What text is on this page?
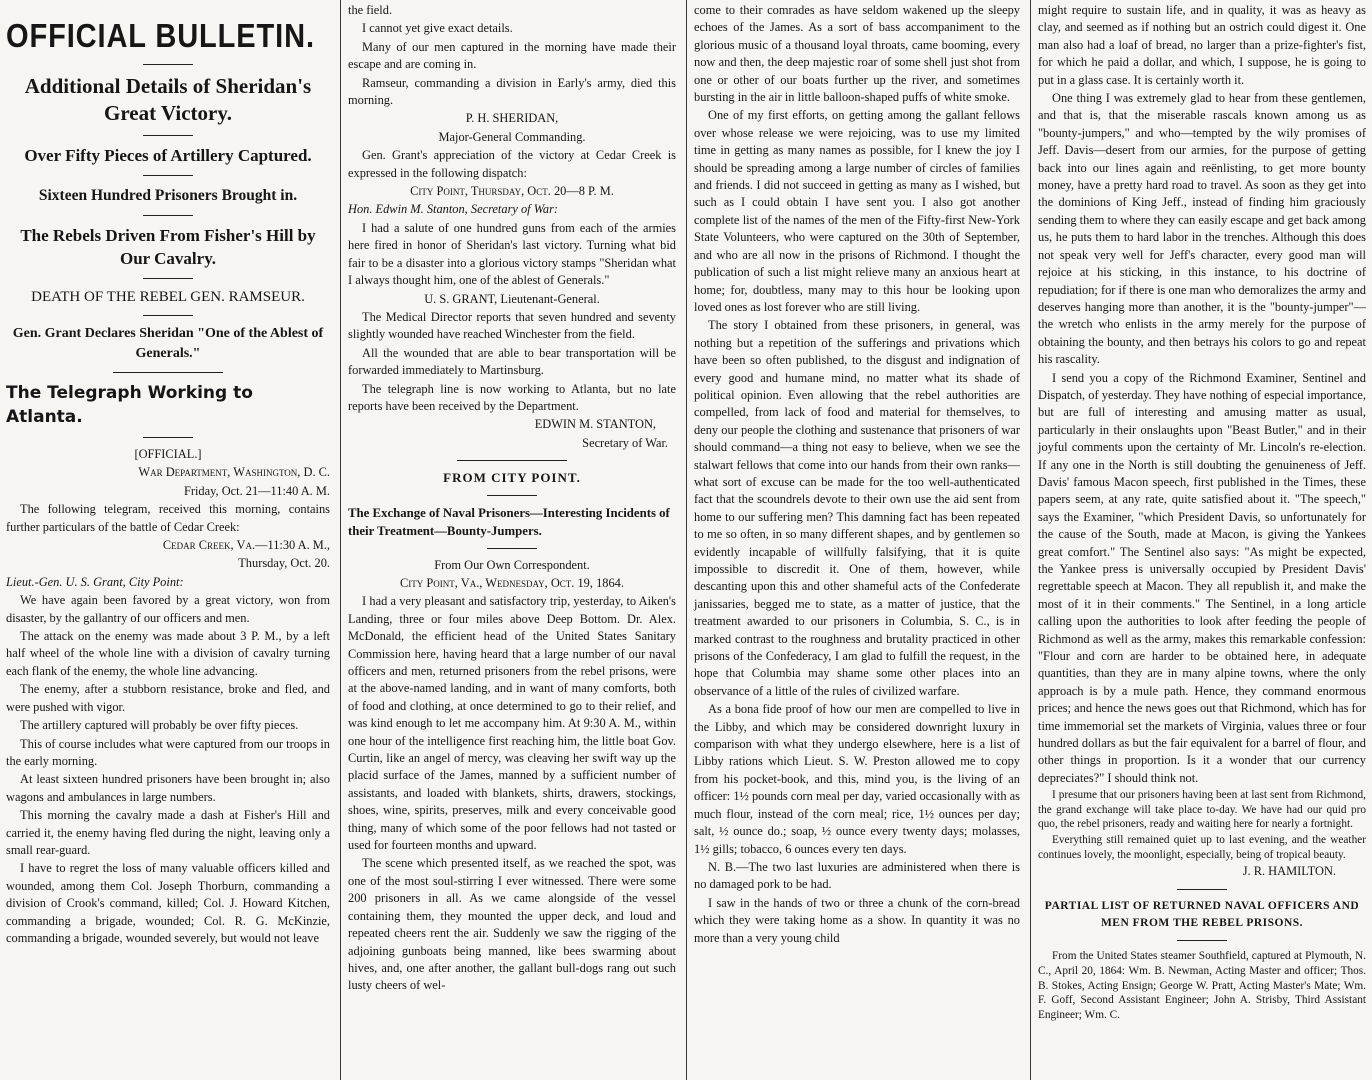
OFFICIAL BULLETIN.

Additional Details of Sheridan's Great Victory.

Over Fifty Pieces of Artillery Captured.

Sixteen Hundred Prisoners Brought in.

The Rebels Driven From Fisher's Hill by Our Cavalry.

DEATH OF THE REBEL GEN. RAMSEUR.

Gen. Grant Declares Sheridan "One of the Ablest of Generals."

The Telegraph Working to Atlanta.

[OFFICIAL.]

War Department, Washington, D. C.

Friday, Oct. 21—11:40 A. M.

The following telegram, received this morning, contains further particulars of the battle of Cedar Creek:

Cedar Creek, Va.—11:30 A. M.,

Thursday, Oct. 20.

Lieut.-Gen. U. S. Grant, City Point:

We have again been favored by a great victory, won from disaster, by the gallantry of our officers and men.

The attack on the enemy was made about 3 P. M., by a left half wheel of the whole line with a division of cavalry turning each flank of the enemy, the whole line advancing.

The enemy, after a stubborn resistance, broke and fled, and were pushed with vigor.

The artillery captured will probably be over fifty pieces.

This of course includes what were captured from our troops in the early morning.

At least sixteen hundred prisoners have been brought in; also wagons and ambulances in large numbers.

This morning the cavalry made a dash at Fisher's Hill and carried it, the enemy having fled during the night, leaving only a small rear-guard.

I have to regret the loss of many valuable officers killed and wounded, among them Col. Joseph Thorburn, commanding a division of Crook's command, killed; Col. J. Howard Kitchen, commanding a brigade, wounded; Col. R. G. McKinzie, commanding a brigade, wounded severely, but would not leave

the field.

I cannot yet give exact details.

Many of our men captured in the morning have made their escape and are coming in.

Ramseur, commanding a division in Early's army, died this morning.

P. H. SHERIDAN,

Major-General Commanding.

Gen. Grant's appreciation of the victory at Cedar Creek is expressed in the following dispatch:

City Point, Thursday, Oct. 20—8 P. M.

Hon. Edwin M. Stanton, Secretary of War:

I had a salute of one hundred guns from each of the armies here fired in honor of Sheridan's last victory. Turning what bid fair to be a disaster into a glorious victory stamps "Sheridan what I always thought him, one of the ablest of Generals."

U. S. GRANT, Lieutenant-General.

The Medical Director reports that seven hundred and seventy slightly wounded have reached Winchester from the field.

All the wounded that are able to bear transportation will be forwarded immediately to Martinsburg.

The telegraph line is now working to Atlanta, but no late reports have been received by the Department.

EDWIN M. STANTON,

Secretary of War.

FROM CITY POINT.

The Exchange of Naval Prisoners—Interesting Incidents of their Treatment—Bounty-Jumpers.

From Our Own Correspondent.

City Point, Va., Wednesday, Oct. 19, 1864.

I had a very pleasant and satisfactory trip, yesterday, to Aiken's Landing, three or four miles above Deep Bottom. Dr. Alex. McDonald, the efficient head of the United States Sanitary Commission here, having heard that a large number of our naval officers and men, returned prisoners from the rebel prisons, were at the above-named landing, and in want of many comforts, both of food and clothing, at once determined to go to their relief, and was kind enough to let me accompany him. At 9:30 A. M., within one hour of the intelligence first reaching him, the little boat Gov. Curtin, like an angel of mercy, was cleaving her swift way up the placid surface of the James, manned by a sufficient number of assistants, and loaded with blankets, shirts, drawers, stockings, shoes, wine, spirits, preserves, milk and every conceivable good thing, many of which some of the poor fellows had not tasted or used for fourteen months and upward.

The scene which presented itself, as we reached the spot, was one of the most soul-stirring I ever witnessed. There were some 200 prisoners in all. As we came alongside of the vessel containing them, they mounted the upper deck, and loud and repeated cheers rent the air. Suddenly we saw the rigging of the adjoining gunboats being manned, like bees swarming about hives, and, one after another, the gallant bull-dogs rang out such lusty cheers of wel-

come to their comrades as have seldom wakened up the sleepy echoes of the James. As a sort of bass accompaniment to the glorious music of a thousand loyal throats, came booming, every now and then, the deep majestic roar of some shell just shot from one or other of our boats further up the river, and sometimes bursting in the air in little balloon-shaped puffs of white smoke.

One of my first efforts, on getting among the gallant fellows over whose release we were rejoicing, was to use my limited time in getting as many names as possible, for I knew the joy I should be spreading among a large number of circles of families and friends. I did not succeed in getting as many as I wished, but such as I could obtain I have sent you. I also got another complete list of the names of the men of the Fifty-first New-York State Volunteers, who were captured on the 30th of September, and who are all now in the prisons of Richmond. I thought the publication of such a list might relieve many an anxious heart at home; for, doubtless, many may to this hour be looking upon loved ones as lost forever who are still living.

The story I obtained from these prisoners, in general, was nothing but a repetition of the sufferings and privations which have been so often published, to the disgust and indignation of every good and humane mind, no matter what its shade of political opinion. Even allowing that the rebel authorities are compelled, from lack of food and material for themselves, to deny our people the clothing and sustenance that prisoners of war should command—a thing not easy to believe, when we see the stalwart fellows that come into our hands from their own ranks—what sort of excuse can be made for the too well-authenticated fact that the scoundrels devote to their own use the aid sent from home to our suffering men? This damning fact has been repeated to me so often, in so many different shapes, and by gentlemen so evidently incapable of willfully falsifying, that it is quite impossible to discredit it. One of them, however, while descanting upon this and other shameful acts of the Confederate janissaries, begged me to state, as a matter of justice, that the treatment awarded to our prisoners in Columbia, S. C., is in marked contrast to the roughness and brutality practiced in other prisons of the Confederacy, I am glad to fulfill the request, in the hope that Columbia may shame some other places into an observance of a little of the rules of civilized warfare.

As a bona fide proof of how our men are compelled to live in the Libby, and which may be considered downright luxury in comparison with what they undergo elsewhere, here is a list of Libby rations which Lieut. S. W. Preston allowed me to copy from his pocket-book, and this, mind you, is the living of an officer: 1½ pounds corn meal per day, varied occasionally with as much flour, instead of the corn meal; rice, 1½ ounces per day; salt, ½ ounce do.; soap, ½ ounce every twenty days; molasses, 1½ gills; tobacco, 6 ounces every ten days.

N. B.—The two last luxuries are administered when there is no damaged pork to be had.

I saw in the hands of two or three a chunk of the corn-bread which they were taking home as a show. In quantity it was no more than a very young child

might require to sustain life, and in quality, it was as heavy as clay, and seemed as if nothing but an ostrich could digest it. One man also had a loaf of bread, no larger than a prize-fighter's fist, for which he paid a dollar, and which, I suppose, he is going to put in a glass case. It is certainly worth it.

One thing I was extremely glad to hear from these gentlemen, and that is, that the miserable rascals known among us as "bounty-jumpers," and who—tempted by the wily promises of Jeff. Davis—desert from our armies, for the purpose of getting back into our lines again and reënlisting, to get more bounty money, have a pretty hard road to travel. As soon as they get into the dominions of King Jeff., instead of finding him graciously sending them to where they can easily escape and get back among us, he puts them to hard labor in the trenches. Although this does not speak very well for Jeff's character, every good man will rejoice at his sticking, in this instance, to his doctrine of repudiation; for if there is one man who demoralizes the army and deserves hanging more than another, it is the "bounty-jumper"—the wretch who enlists in the army merely for the purpose of obtaining the bounty, and then betrays his colors to go and repeat his rascality.

I send you a copy of the Richmond Examiner, Sentinel and Dispatch, of yesterday. They have nothing of especial importance, but are full of interesting and amusing matter as usual, particularly in their onslaughts upon "Beast Butler," and in their joyful comments upon the certainty of Mr. Lincoln's re-election. If any one in the North is still doubting the genuineness of Jeff. Davis' famous Macon speech, first published in the Times, these papers seem, at any rate, quite satisfied about it. "The speech," says the Examiner, "which President Davis, so unfortunately for the cause of the South, made at Macon, is giving the Yankees great comfort." The Sentinel also says: "As might be expected, the Yankee press is universally occupied by President Davis' regrettable speech at Macon. They all republish it, and make the most of it in their comments." The Sentinel, in a long article calling upon the authorities to look after feeding the people of Richmond as well as the army, makes this remarkable confession: "Flour and corn are harder to be obtained here, in adequate quantities, than they are in many alpine towns, where the only approach is by a mule path. Hence, they command enormous prices; and hence the news goes out that Richmond, which has for time immemorial set the markets of Virginia, values three or four hundred dollars as but the fair equivalent for a barrel of flour, and other things in proportion. Is it a wonder that our currency depreciates?" I should think not.

I presume that our prisoners having been at last sent from Richmond, the grand exchange will take place to-day. We have had our quid pro quo, the rebel prisoners, ready and waiting here for nearly a fortnight.

Everything still remained quiet up to last evening, and the weather continues lovely, the moonlight, especially, being of tropical beauty.

J. R. HAMILTON.

PARTIAL LIST OF RETURNED NAVAL OFFICERS AND MEN FROM THE REBEL PRISONS.

From the United States steamer Southfield, captured at Plymouth, N. C., April 20, 1864: Wm. B. Newman, Acting Master and officer; Thos. B. Stokes, Acting Ensign; George W. Pratt, Acting Master's Mate; Wm. F. Goff, Second Assistant Engineer; John A. Strisby, Third Assistant Engineer; Wm. C.
